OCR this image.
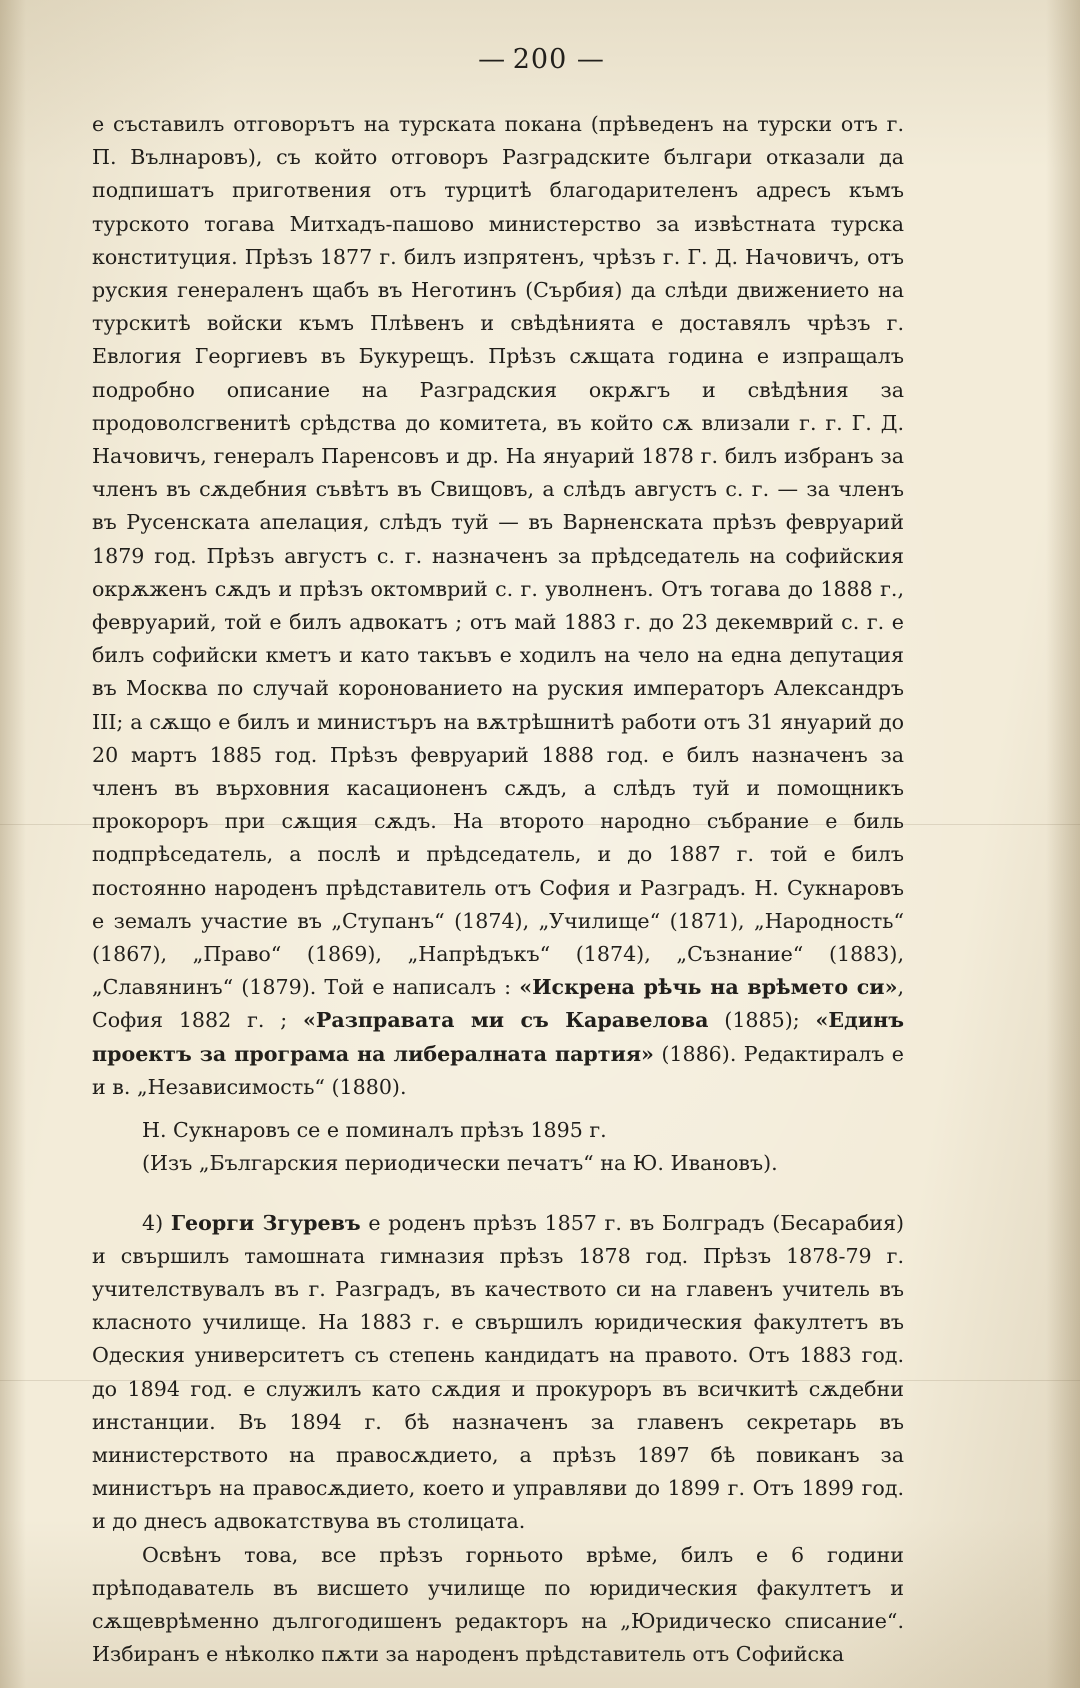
— 200 —

е съставилъ отговорътъ на турската покана (прѣведенъ на турски отъ г. П. Вълнаровъ), съ който отговоръ Разградските българи отказали да подпишатъ приготвения отъ турцитѣ благодарителенъ адресъ къмъ турското тогава Митхадъ-пашово министерство за извѣстната турска конституция. Прѣзъ 1877 г. билъ изпрятенъ, чрѣзъ г. Г. Д. Начовичъ, отъ руския генераленъ щабъ въ Неготинъ (Сърбия) да слѣди движението на турскитѣ войски къмъ Плѣвенъ и свѣдѣнията е доставялъ чрѣзъ г. Евлогия Георгиевъ въ Букурещъ. Прѣзъ сѫщата година е изпращалъ подробно описание на Разградския окрѫгъ и свѣдѣния за продоволсгвенитѣ срѣдства до комитета, въ който сѫ влизали г. г. Г. Д. Начовичъ, генералъ Паренсовъ и др. На януарий 1878 г. билъ избранъ за членъ въ сѫдебния съвѣтъ въ Свищовъ, а слѣдъ августъ с. г. — за членъ въ Русенската апелация, слѣдъ туй — въ Варненската прѣзъ февруарий 1879 год. Прѣзъ августъ с. г. назначенъ за прѣдседатель на софийския окрѫженъ сѫдъ и прѣзъ октомврий с. г. уволненъ. Отъ тогава до 1888 г., февруарий, той е билъ адвокатъ ; отъ май 1883 г. до 23 декемврий с. г. е билъ софийски кметъ и като такъвъ е ходилъ на чело на една депутация въ Москва по случай коронованието на руския императоръ Александръ III; а сѫщо е билъ и министъръ на вѫтрѣшнитѣ работи отъ 31 януарий до 20 мартъ 1885 год. Прѣзъ февруарий 1888 год. е билъ назначенъ за членъ въ върховния касационенъ сѫдъ, а слѣдъ туй и помощникъ прокороръ при сѫщия сѫдъ. На второто народно събрание е биль подпрѣседатель, а послѣ и прѣдседатель, и до 1887 г. той е билъ постоянно народенъ прѣдставитель отъ София и Разградъ. Н. Сукнаровъ е земалъ участие въ „Ступанъ“ (1874), „Училище“ (1871), „Народность“ (1867), „Право“ (1869), „Напрѣдъкъ“ (1874), „Съзнание“ (1883), „Славянинъ“ (1879). Той е написалъ : «Искрена рѣчь на врѣмето си», София 1882 г. ; «Разправата ми съ Каравелова (1885); «Единъ проектъ за програма на либералната партия» (1886). Редактиралъ е и в. „Независимость“ (1880).

Н. Сукнаровъ се е поминалъ прѣзъ 1895 г.

(Изъ „Българския периодически печатъ“ на Ю. Ивановъ).

4) Георги Згуревъ е роденъ прѣзъ 1857 г. въ Болградъ (Бесарабия) и свършилъ тамошната гимназия прѣзъ 1878 год. Прѣзъ 1878-79 г. учителствувалъ въ г. Разградъ, въ качеството си на главенъ учитель въ класното училище. На 1883 г. е свършилъ юридическия факултетъ въ Одеския университетъ съ степень кандидатъ на правото. Отъ 1883 год. до 1894 год. е служилъ като сѫдия и прокуроръ въ всичкитѣ сѫдебни инстанции. Въ 1894 г. бѣ назначенъ за главенъ секретарь въ министерството на правосѫдието, а прѣзъ 1897 бѣ повиканъ за министъръ на правосѫдието, което и управляви до 1899 г. Отъ 1899 год. и до днесъ адвокатствува въ столицата.

Освѣнъ това, все прѣзъ горньото врѣме, билъ е 6 години прѣподаватель въ висшето училище по юридическия факултетъ и сѫщеврѣменно дългогодишенъ редакторъ на „Юридическо списание“. Избиранъ е нѣколко пѫти за народенъ прѣдставитель отъ Софийска
